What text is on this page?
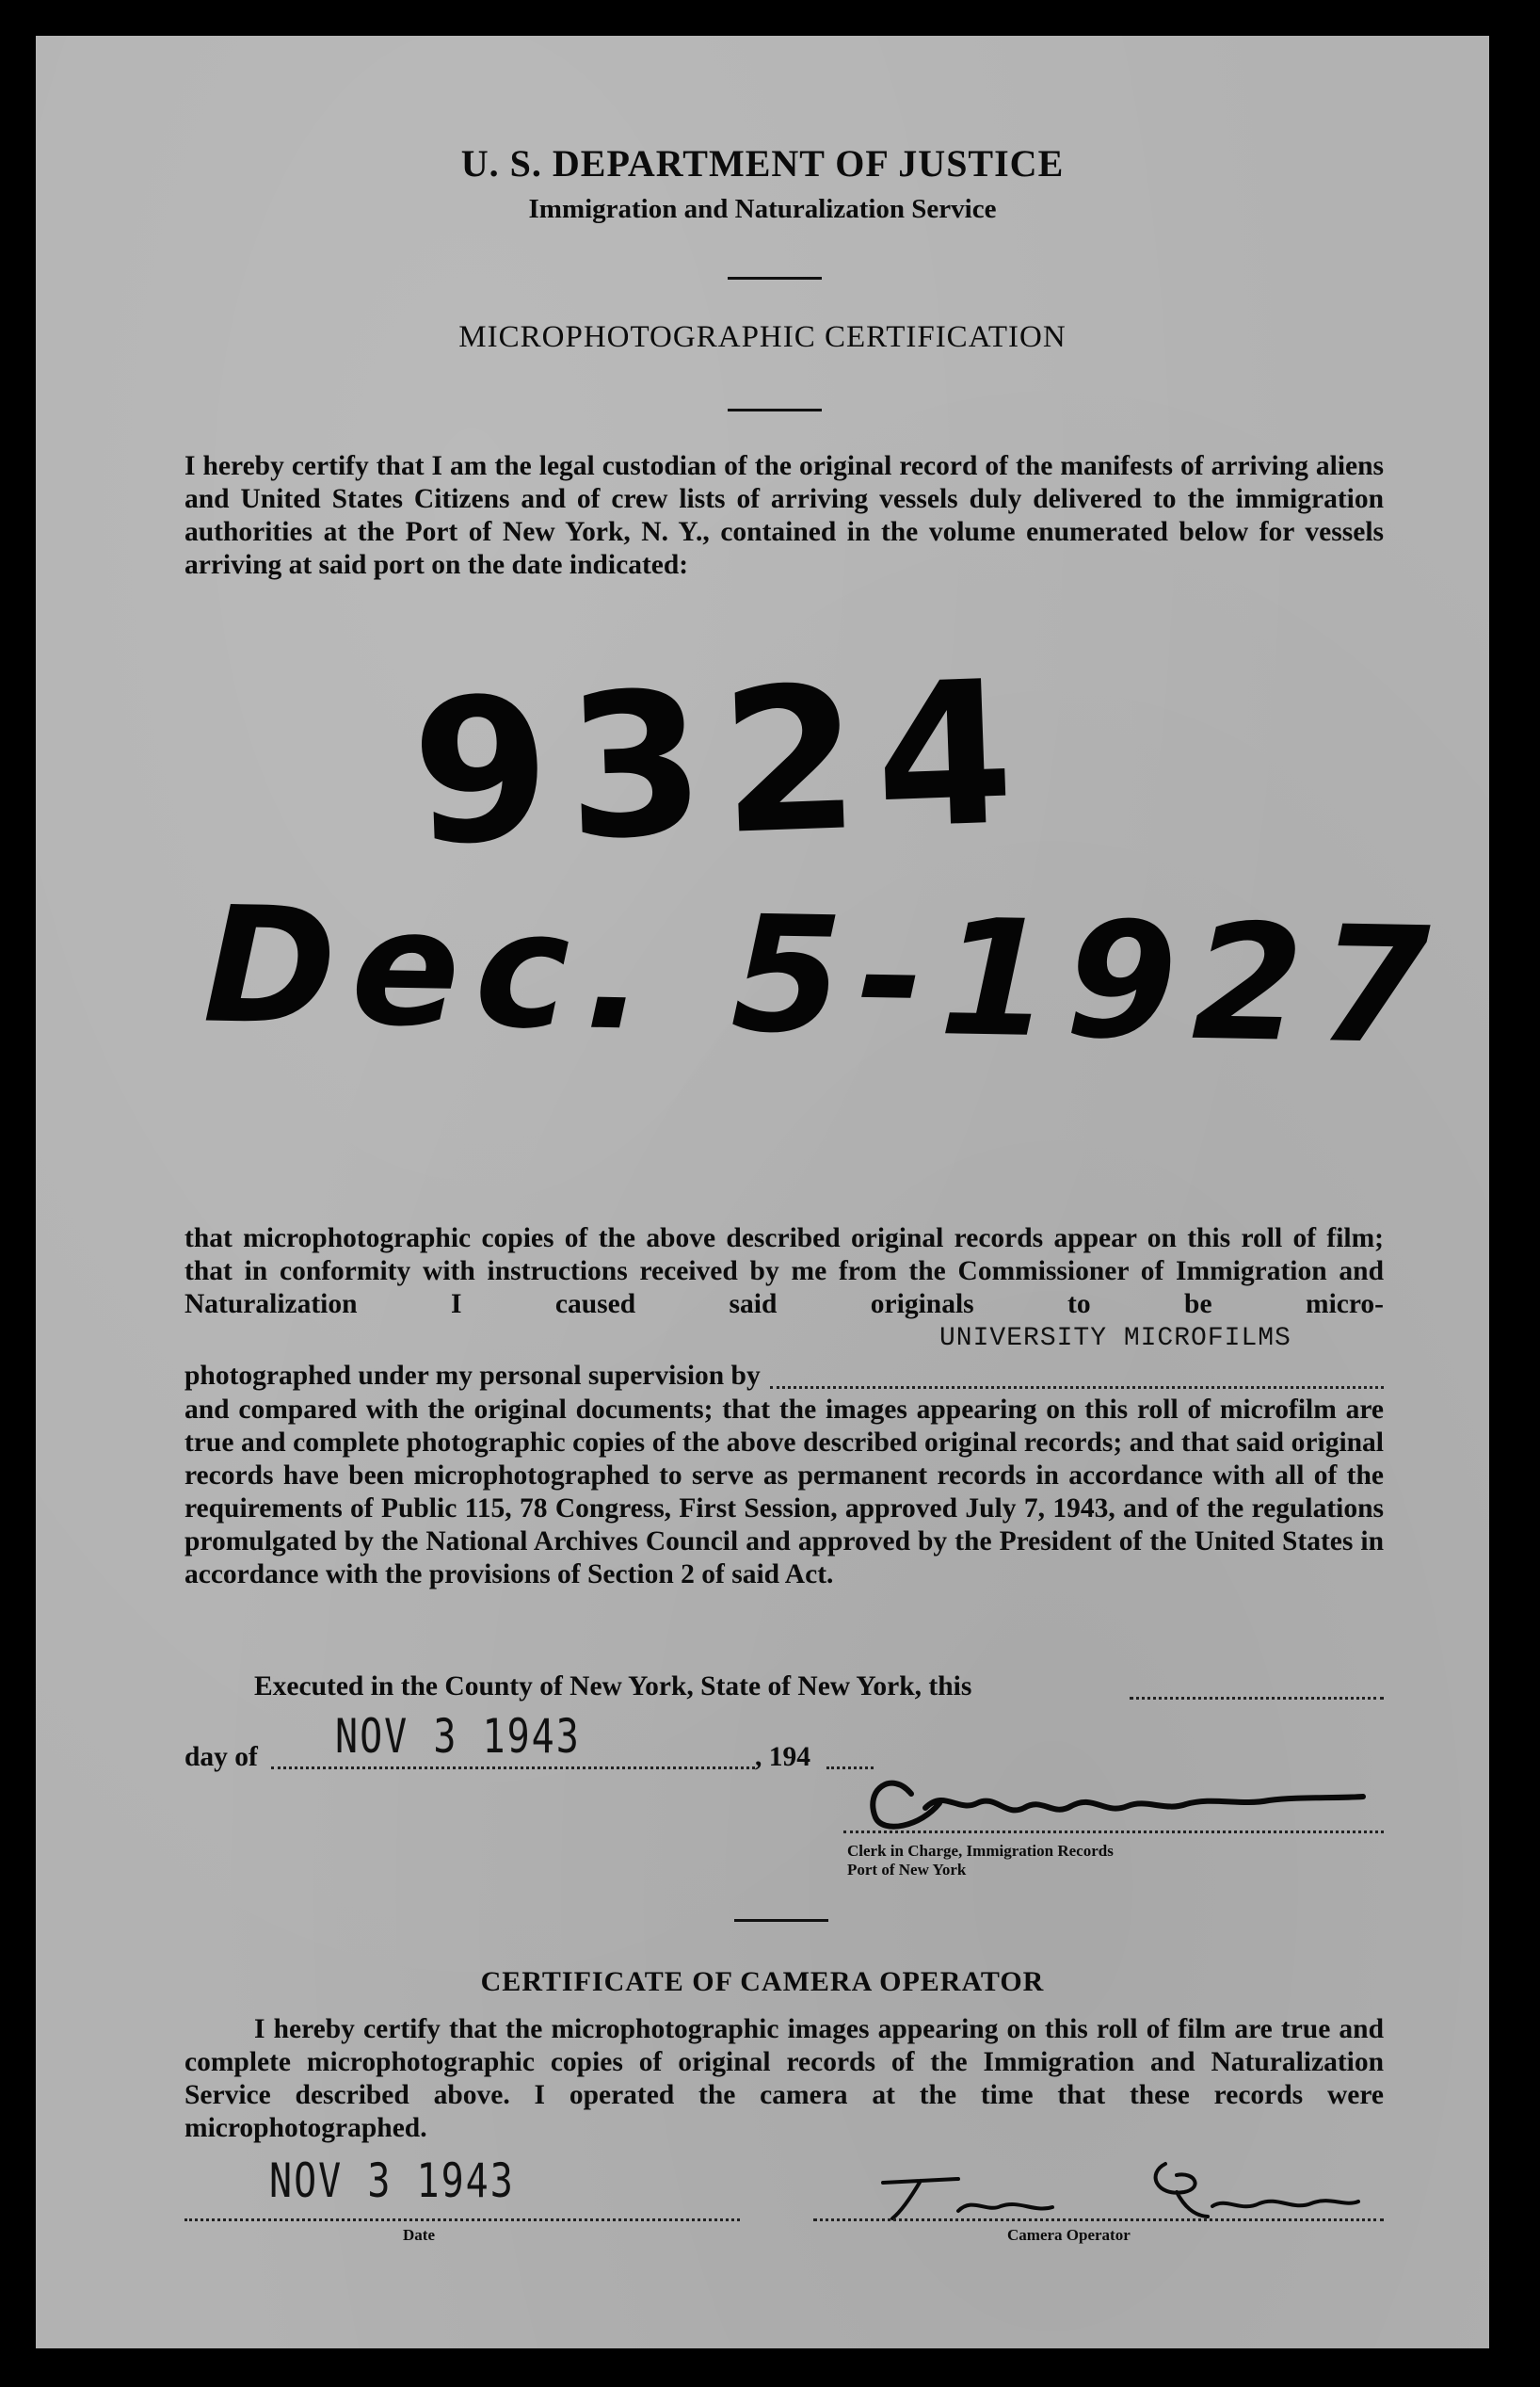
U. S. DEPARTMENT OF JUSTICE
Immigration and Naturalization Service
MICROPHOTOGRAPHIC CERTIFICATION

I hereby certify that I am the legal custodian of the original record of the manifests of arriving aliens and United States Citizens and of crew lists of arriving vessels duly delivered to the immigration authorities at the Port of New York, N. Y., contained in the volume enumerated below for vessels arriving at said port on the date indicated:

9324
Dec. 5-1927

that microphotographic copies of the above described original records appear on this roll of film; that in conformity with instructions received by me from the Commissioner of Immigration and Naturalization I caused said originals to be micro-

UNIVERSITY MICROFILMS
photographed under my personal supervision by

and compared with the original documents; that the images appearing on this roll of microfilm are true and complete photographic copies of the above described original records; and that said original records have been microphotographed to serve as permanent records in accordance with all of the requirements of Public 115, 78 Congress, First Session, approved July 7, 1943, and of the regulations promulgated by the National Archives Council and approved by the President of the United States in accordance with the provisions of Section 2 of said Act.

Executed in the County of New York, State of New York, this
day of NOV 3 1943	, 194
Clerk in Charge, Immigration Records
Port of New York
CERTIFICATE OF CAMERA OPERATOR

I hereby certify that the microphotographic images appearing on this roll of film are true and complete microphotographic copies of original records of the Immigration and Naturalization Service described above. I operated the camera at the time that these records were microphotographed.

NOV 3 1943
Date	Camera Operator
